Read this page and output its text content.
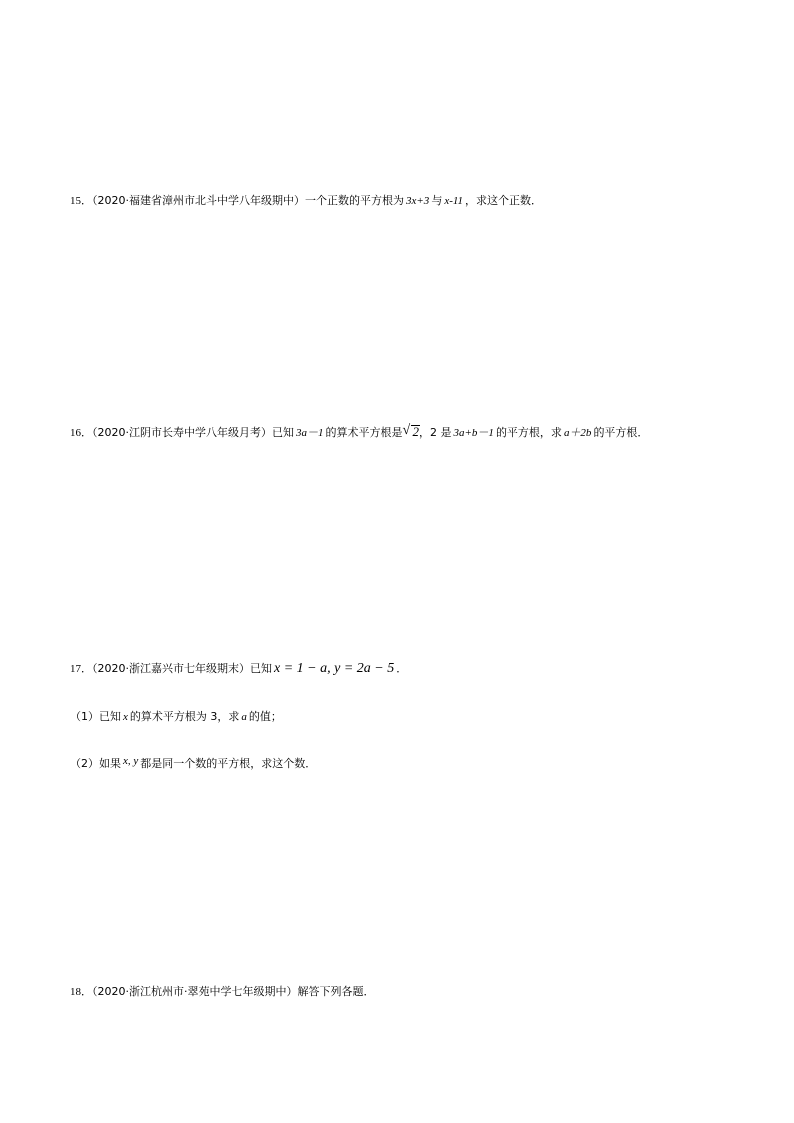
15．（2020·福建省漳州市北斗中学八年级期中）一个正数的平方根为 3x+3 与 x-11 ，求这个正数．
16．（2020·江阴市长寿中学八年级月考）已知 3a－1 的算术平方根是 √ 2，2 是 3a+b－1 的平方根，求 a＋2b 的平方根．
17．（2020·浙江嘉兴市七年级期末）已知 x = 1 − a, y = 2a − 5 ．
（1）已知 x 的算术平方根为 3，求 a 的值；
（2）如果 x, y 都是同一个数的平方根，求这个数．
18．（2020·浙江杭州市·翠苑中学七年级期中）解答下列各题．
